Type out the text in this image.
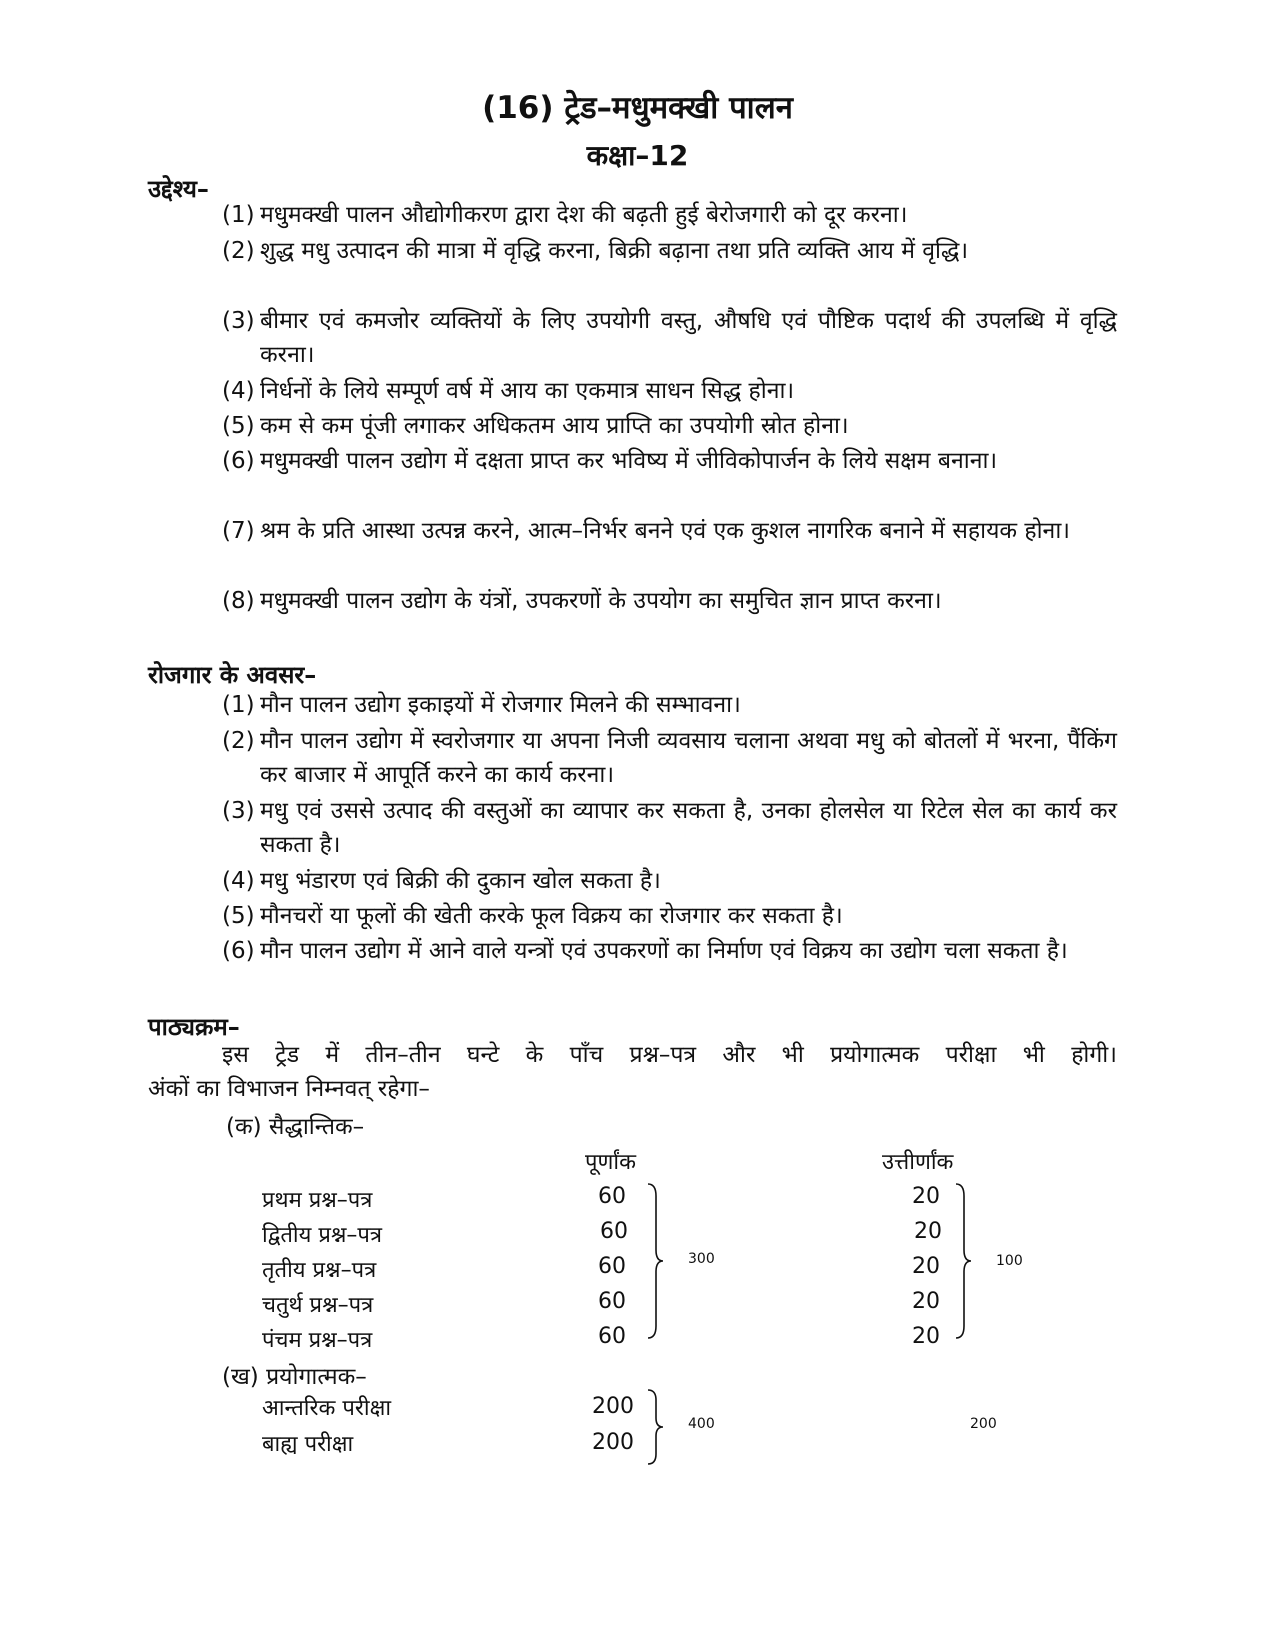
(16) ट्रेड–मधुमक्खी पालन
कक्षा–12
उद्देश्य–
(1) मधुमक्खी पालन औद्योगीकरण द्वारा देश की बढ़ती हुई बेरोजगारी को दूर करना।
(2) शुद्ध मधु उत्पादन की मात्रा में वृद्धि करना, बिक्री बढ़ाना तथा प्रति व्यक्ति आय में वृद्धि।
(3) बीमार एवं कमजोर व्यक्तियों के लिए उपयोगी वस्तु, औषधि एवं पौष्टिक पदार्थ की उपलब्धि में वृद्धि करना।
(4) निर्धनों के लिये सम्पूर्ण वर्ष में आय का एकमात्र साधन सिद्ध होना।
(5) कम से कम पूंजी लगाकर अधिकतम आय प्राप्ति का उपयोगी स्रोत होना।
(6) मधुमक्खी पालन उद्योग में दक्षता प्राप्त कर भविष्य में जीविकोपार्जन के लिये सक्षम बनाना।
(7) श्रम के प्रति आस्था उत्पन्न करने, आत्म–निर्भर बनने एवं एक कुशल नागरिक बनाने में सहायक होना।
(8) मधुमक्खी पालन उद्योग के यंत्रों, उपकरणों के उपयोग का समुचित ज्ञान प्राप्त करना।
रोजगार के अवसर–
(1) मौन पालन उद्योग इकाइयों में रोजगार मिलने की सम्भावना।
(2) मौन पालन उद्योग में स्वरोजगार या अपना निजी व्यवसाय चलाना अथवा मधु को बोतलों में भरना, पैंकिंग कर बाजार में आपूर्ति करने का कार्य करना।
(3) मधु एवं उससे उत्पाद की वस्तुओं का व्यापार कर सकता है, उनका होलसेल या रिटेल सेल का कार्य कर सकता है।
(4) मधु भंडारण एवं बिक्री की दुकान खोल सकता है।
(5) मौनचरों या फूलों की खेती करके फूल विक्रय का रोजगार कर सकता है।
(6) मौन पालन उद्योग में आने वाले यन्त्रों एवं उपकरणों का निर्माण एवं विक्रय का उद्योग चला सकता है।
पाठ्यक्रम–
इस ट्रेड में तीन–तीन घन्टे के पाँच प्रश्न–पत्र और भी प्रयोगात्मक परीक्षा भी होगी।
अंकों का विभाजन निम्नवत् रहेगा–
(क) सैद्धान्तिक–
पूर्णांक	उत्तीर्णांक
प्रथम प्रश्न–पत्र	60	20
द्वितीय प्रश्न–पत्र	60	20
तृतीय प्रश्न–पत्र	60	20
चतुर्थ प्रश्न–पत्र	60	20
पंचम प्रश्न–पत्र	60	20
300	100
(ख) प्रयोगात्मक–
आन्तरिक परीक्षा	200
बाह्य परीक्षा	200
400	200
